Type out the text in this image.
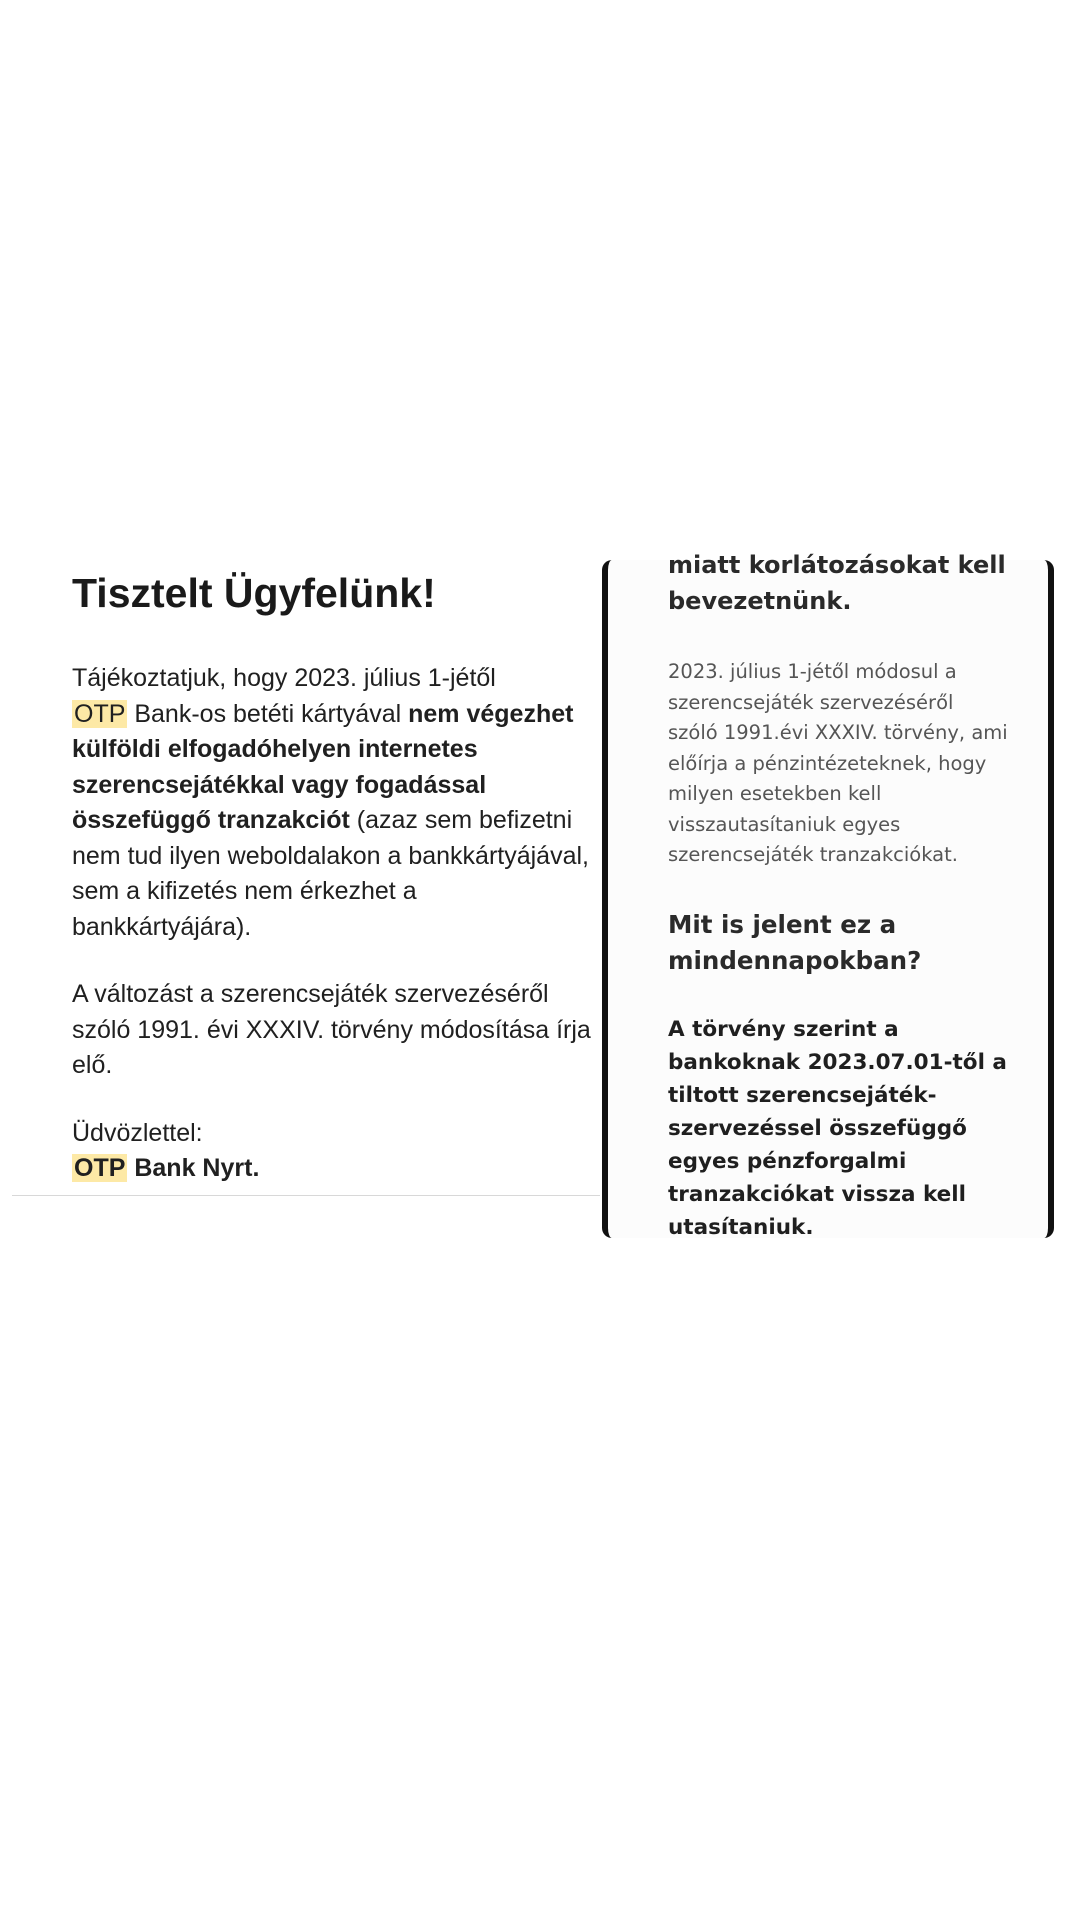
Tisztelt Ügyfelünk!

Tájékoztatjuk, hogy 2023. július 1-jétől
OTP Bank-os betéti kártyával nem végezhet külföldi elfogadóhelyen internetes szerencsejátékkal vagy fogadással összefüggő tranzakciót (azaz sem befizetni nem tud ilyen weboldalakon a bankkártyájával, sem a kifizetés nem érkezhet a bankkártyájára).

A változást a szerencsejáték szervezéséről szóló 1991. évi XXXIV. törvény módosítása írja elő.

Üdvözlettel:
OTP Bank Nyrt.

miatt korlátozásokat kell bevezetnünk.

2023. július 1-jétől módosul a szerencsejáték szervezéséről szóló 1991.évi XXXIV. törvény, ami előírja a pénzintézeteknek, hogy milyen esetekben kell visszautasítaniuk egyes szerencsejáték tranzakciókat.

Mit is jelent ez a mindennapokban?

A törvény szerint a bankoknak 2023.07.01-től a tiltott szerencsejáték-szervezéssel összefüggő egyes pénzforgalmi tranzakciókat vissza kell utasítaniuk.
